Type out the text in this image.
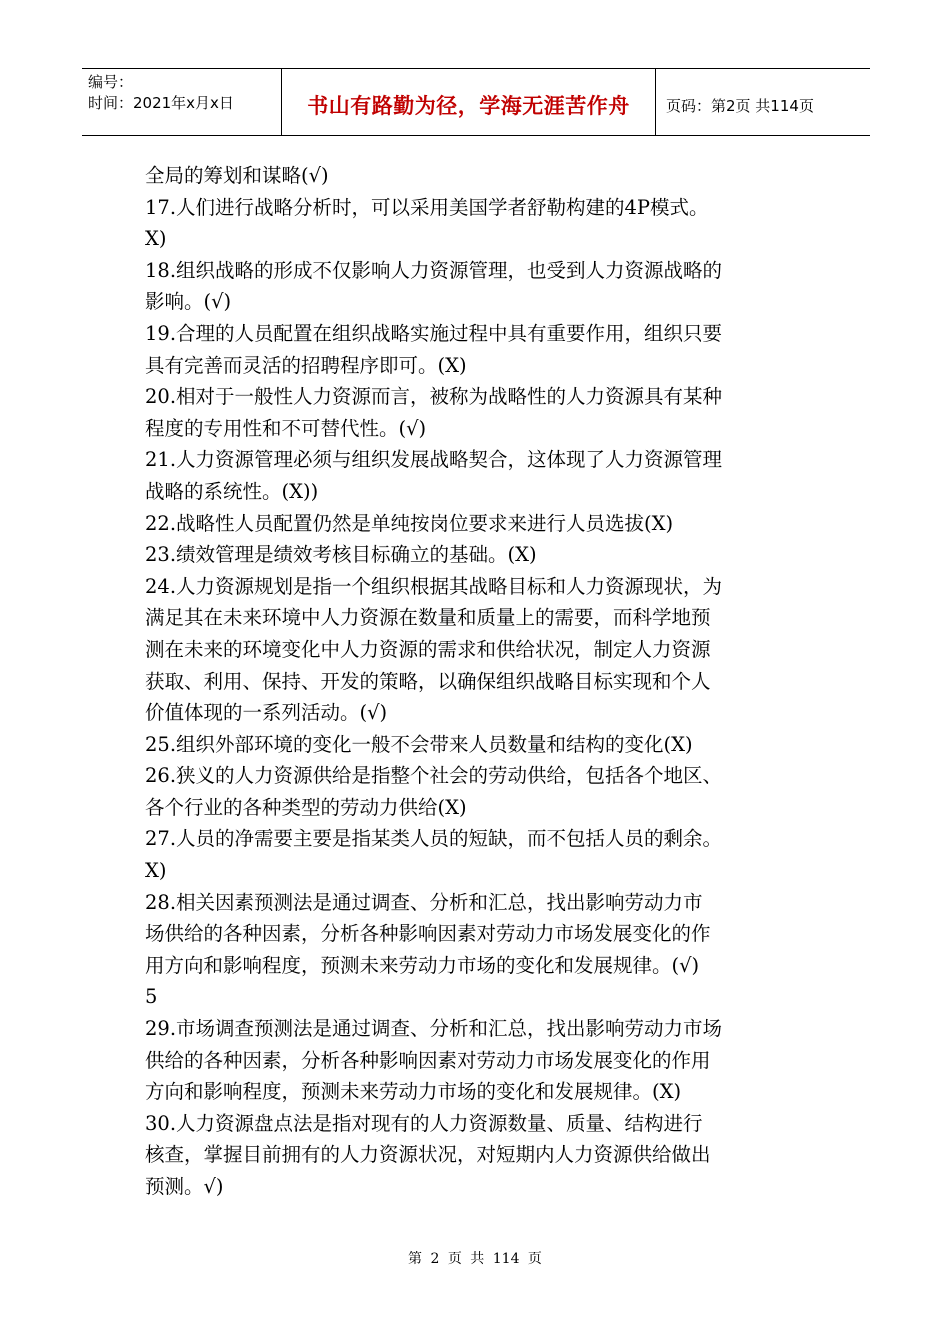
编号：
时间：2021年x月x日	书山有路勤为径，学海无涯苦作舟 页码：第2页 共114页
全局的筹划和谋略(√)
17.人们进行战略分析时，可以采用美国学者舒勒构建的4P模式。
X)
18.组织战略的形成不仅影响人力资源管理，也受到人力资源战略的
影响。(√)
19.合理的人员配置在组织战略实施过程中具有重要作用，组织只要
具有完善而灵活的招聘程序即可。(X)
20.相对于一般性人力资源而言，被称为战略性的人力资源具有某种
程度的专用性和不可替代性。(√)
21.人力资源管理必须与组织发展战略契合，这体现了人力资源管理
战略的系统性。(X))
22.战略性人员配置仍然是单纯按岗位要求来进行人员选拔(X)
23.绩效管理是绩效考核目标确立的基础。(X)
24.人力资源规划是指一个组织根据其战略目标和人力资源现状，为
满足其在未来环境中人力资源在数量和质量上的需要，而科学地预
测在未来的环境变化中人力资源的需求和供给状况，制定人力资源
获取、利用、保持、开发的策略，以确保组织战略目标实现和个人
价值体现的一系列活动。(√)
25.组织外部环境的变化一般不会带来人员数量和结构的变化(X)
26.狭义的人力资源供给是指整个社会的劳动供给，包括各个地区、
各个行业的各种类型的劳动力供给(X)
27.人员的净需要主要是指某类人员的短缺，而不包括人员的剩余。
X)
28.相关因素预测法是通过调查、分析和汇总，找出影响劳动力市
场供给的各种因素，分析各种影响因素对劳动力市场发展变化的作
用方向和影响程度，预测未来劳动力市场的变化和发展规律。(√)
5
29.市场调查预测法是通过调查、分析和汇总，找出影响劳动力市场
供给的各种因素，分析各种影响因素对劳动力市场发展变化的作用
方向和影响程度，预测未来劳动力市场的变化和发展规律。(X)
30.人力资源盘点法是指对现有的人力资源数量、质量、结构进行
核查，掌握目前拥有的人力资源状况，对短期内人力资源供给做出
预测。√)
第 2 页 共 114 页
